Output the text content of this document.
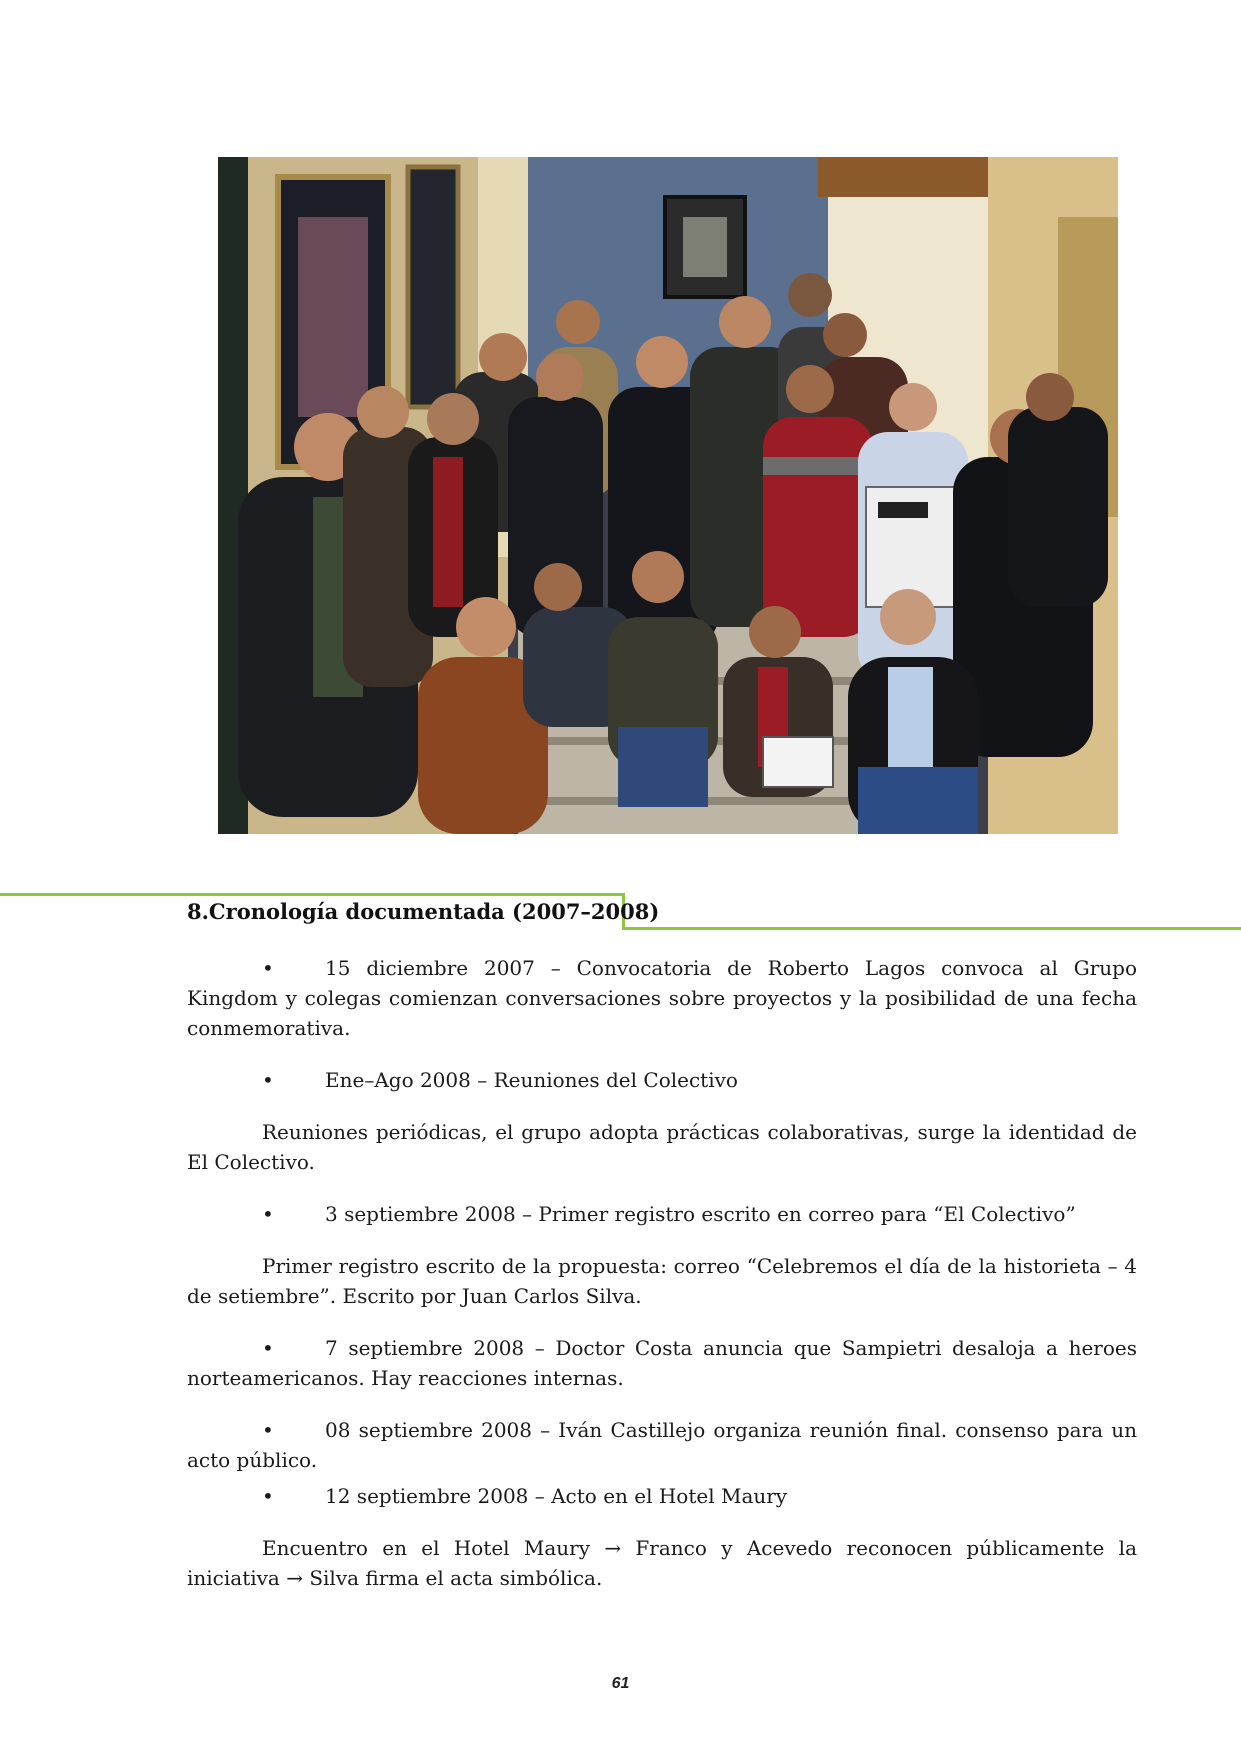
8.Cronología documentada (2007–2008)

•	15 diciembre 2007 – Convocatoria de Roberto Lagos convoca al Grupo Kingdom y colegas comienzan conversaciones sobre proyectos y la posibilidad de una fecha conmemorativa.

•	Ene–Ago 2008 – Reuniones del Colectivo

Reuniones periódicas, el grupo adopta prácticas colaborativas, surge la identidad de El Colectivo.

•	3 septiembre 2008 – Primer registro escrito en correo para “El Colectivo”

Primer registro escrito de la propuesta: correo “Celebremos el día de la historieta – 4 de setiembre”. Escrito por Juan Carlos Silva.

•	7 septiembre 2008 – Doctor Costa anuncia que Sampietri desaloja a heroes norteamericanos. Hay reacciones internas.

•	08 septiembre 2008 – Iván Castillejo organiza reunión final. consenso para un acto público.

•	12 septiembre 2008 – Acto en el Hotel Maury

Encuentro en el Hotel Maury → Franco y Acevedo reconocen públicamente la iniciativa → Silva firma el acta simbólica.

61
